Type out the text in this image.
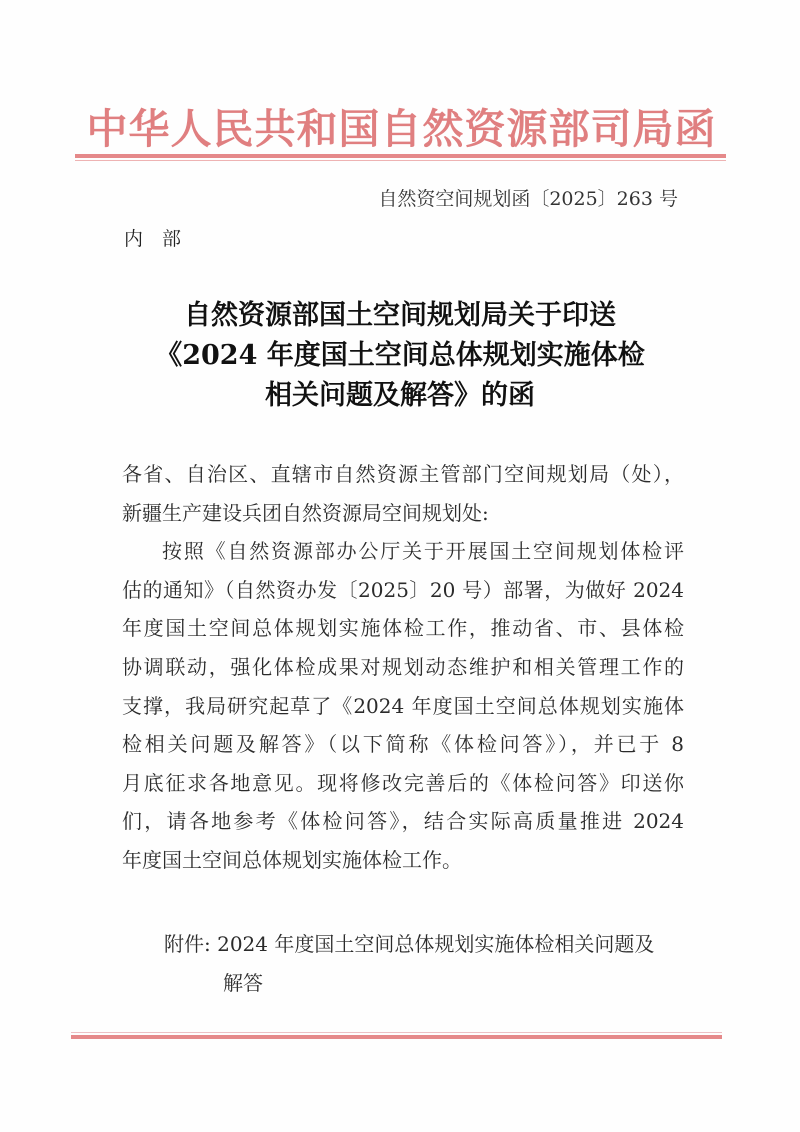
中 华 人 民 共 和 国 自 然 资 源 部 司 局 函
自然资空间规划函〔2025〕263 号
内　部
自然资源部国土空间规划局关于印送
《2024 年度国土空间总体规划实施体检
相关问题及解答》的函
各省、自治区、直辖市自然资源主管部门空间规划局（处），
新疆生产建设兵团自然资源局空间规划处:
按照《自然资源部办公厅关于开展国土空间规划体检评
估的通知》（自然资办发〔2025〕20 号）部署，为做好 2024
年度国土空间总体规划实施体检工作，推动省、市、县体检
协调联动，强化体检成果对规划动态维护和相关管理工作的
支撑，我局研究起草了《2024 年度国土空间总体规划实施体
检相关问题及解答》（以下简称《体检问答》），并已于 8
月底征求各地意见。现将修改完善后的《体检问答》印送你
们，请各地参考《体检问答》，结合实际高质量推进 2024
年度国土空间总体规划实施体检工作。
附件: 2024 年度国土空间总体规划实施体检相关问题及
解答
